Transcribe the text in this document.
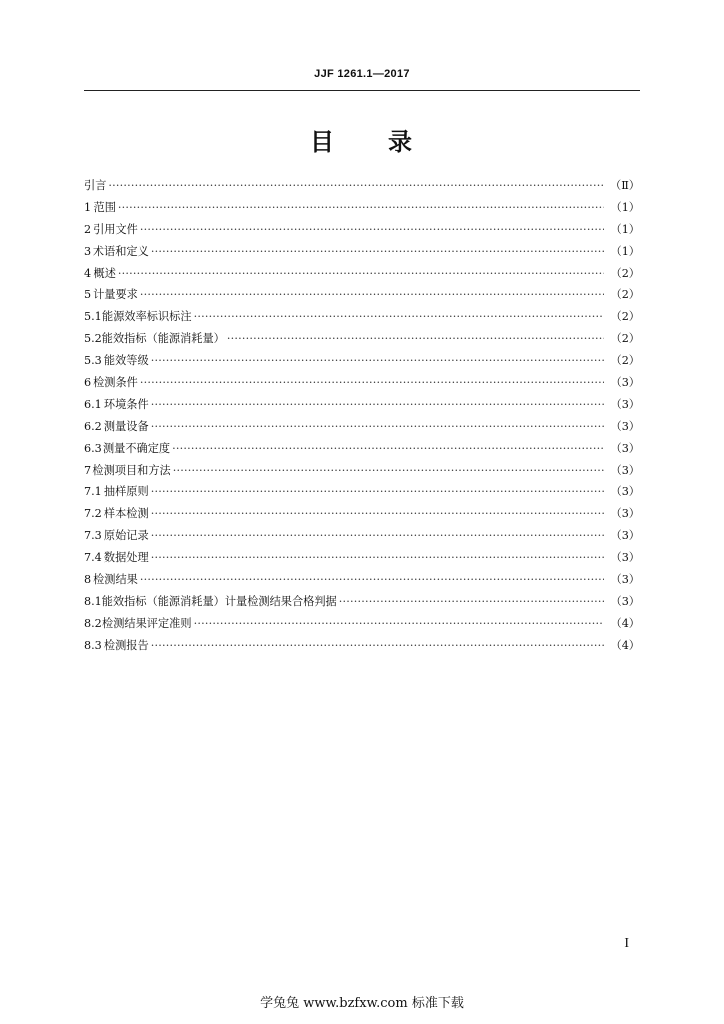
JJF 1261.1—2017
目 录
引言 ·····	（Ⅱ）
1 范围 ·····	（1）
2 引用文件 ·····	（1）
3 术语和定义 ·····	（1）
4 概述 ·····	（2）
5 计量要求 ·····	（2）
5.1 能源效率标识标注 ·····	（2）
5.2 能效指标（能源消耗量） ·····	（2）
5.3 能效等级 ·····	（2）
6 检测条件 ·····	（3）
6.1 环境条件 ·····	（3）
6.2 测量设备 ·····	（3）
6.3 测量不确定度 ·····	（3）
7 检测项目和方法 ·····	（3）
7.1 抽样原则 ·····	（3）
7.2 样本检测 ·····	（3）
7.3 原始记录 ·····	（3）
7.4 数据处理 ·····	（3）
8 检测结果 ·····	（3）
8.1 能效指标（能源消耗量）计量检测结果合格判据 ·····	（3）
8.2 检测结果评定准则 ·····	（4）
8.3 检测报告 ·····	（4）
I
学兔兔 www.bzfxw.com 标准下载
